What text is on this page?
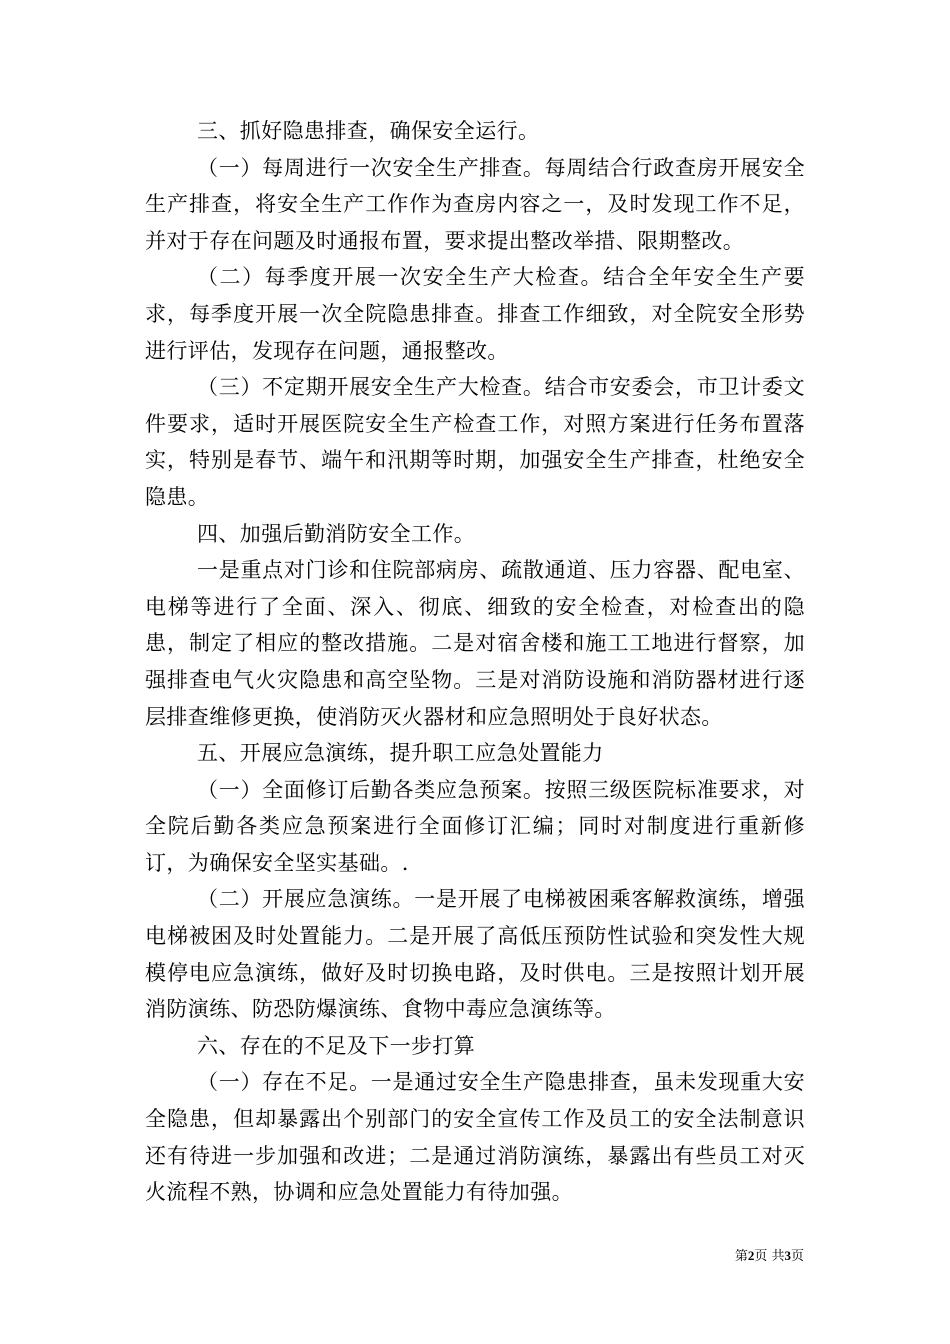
三、抓好隐患排查，确保安全运行。

（一）每周进行一次安全生产排查。每周结合行政查房开展安全生产排查，将安全生产工作作为查房内容之一，及时发现工作不足，并对于存在问题及时通报布置，要求提出整改举措、限期整改。

（二）每季度开展一次安全生产大检查。结合全年安全生产要求，每季度开展一次全院隐患排查。排查工作细致，对全院安全形势进行评估，发现存在问题，通报整改。

（三）不定期开展安全生产大检查。结合市安委会，市卫计委文件要求，适时开展医院安全生产检查工作，对照方案进行任务布置落实，特别是春节、端午和汛期等时期，加强安全生产排查，杜绝安全隐患。

四、加强后勤消防安全工作。

一是重点对门诊和住院部病房、疏散通道、压力容器、配电室、电梯等进行了全面、深入、彻底、细致的安全检查，对检查出的隐患，制定了相应的整改措施。二是对宿舍楼和施工工地进行督察，加强排查电气火灾隐患和高空坠物。三是对消防设施和消防器材进行逐层排查维修更换，使消防灭火器材和应急照明处于良好状态。

五、开展应急演练，提升职工应急处置能力

（一）全面修订后勤各类应急预案。按照三级医院标准要求，对全院后勤各类应急预案进行全面修订汇编；同时对制度进行重新修订，为确保安全坚实基础。.

（二）开展应急演练。一是开展了电梯被困乘客解救演练，增强电梯被困及时处置能力。二是开展了高低压预防性试验和突发性大规模停电应急演练，做好及时切换电路，及时供电。三是按照计划开展消防演练、防恐防爆演练、食物中毒应急演练等。

六、存在的不足及下一步打算

（一）存在不足。一是通过安全生产隐患排查，虽未发现重大安全隐患，但却暴露出个别部门的安全宣传工作及员工的安全法制意识还有待进一步加强和改进；二是通过消防演练，暴露出有些员工对灭火流程不熟，协调和应急处置能力有待加强。

第2页 共3页
